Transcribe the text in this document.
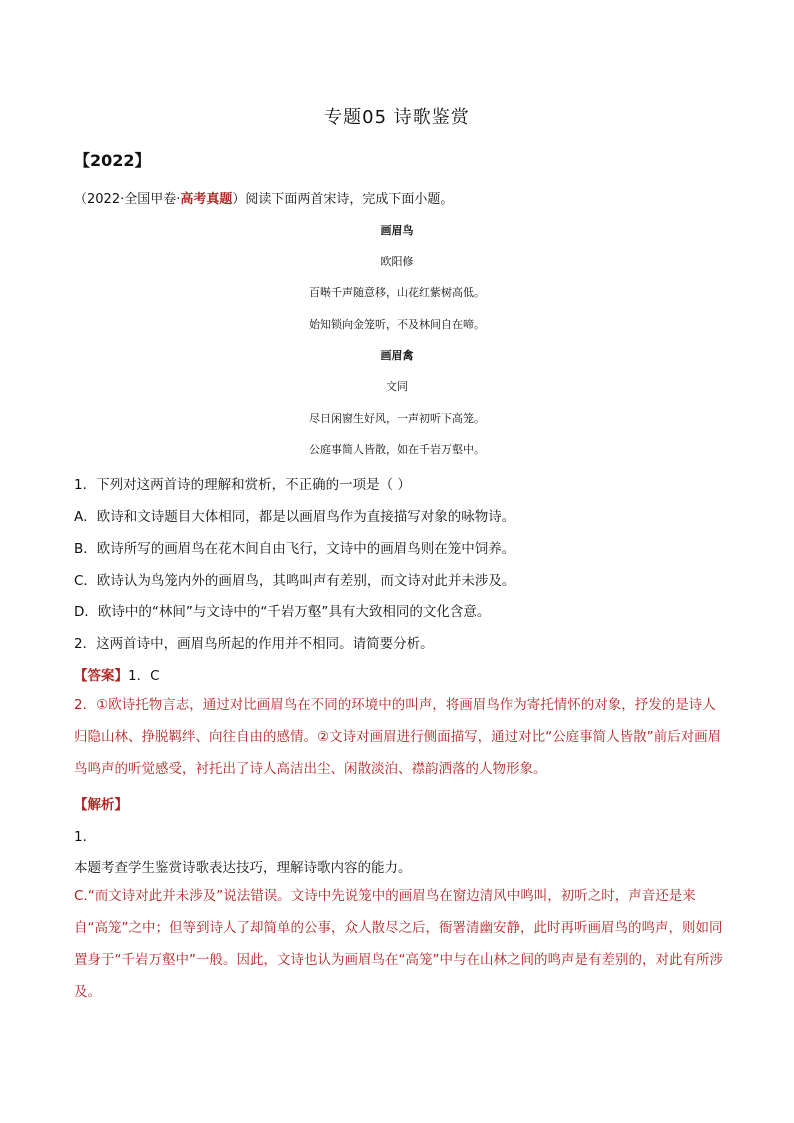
专题05 诗歌鉴赏
【2022】
（2022·全国甲卷·高考真题）阅读下面两首宋诗，完成下面小题。
画眉鸟
欧阳修
百啭千声随意移，山花红紫树高低。
始知锁向金笼听，不及林间自在啼。
画眉禽
文同
尽日闲窗生好风，一声初听下高笼。
公庭事简人皆散，如在千岩万壑中。
1．下列对这两首诗的理解和赏析，不正确的一项是（ ）
A．欧诗和文诗题目大体相同，都是以画眉鸟作为直接描写对象的咏物诗。
B．欧诗所写的画眉鸟在花木间自由飞行，文诗中的画眉鸟则在笼中饲养。
C．欧诗认为鸟笼内外的画眉鸟，其鸣叫声有差别，而文诗对此并未涉及。
D．欧诗中的“林间”与文诗中的“千岩万壑”具有大致相同的文化含意。
2．这两首诗中，画眉鸟所起的作用并不相同。请简要分析。
【答案】1．C
2．①欧诗托物言志，通过对比画眉鸟在不同的环境中的叫声，将画眉鸟作为寄托情怀的对象，抒发的是诗人归隐山林、挣脱羁绊、向往自由的感情。②文诗对画眉进行侧面描写，通过对比“公庭事简人皆散”前后对画眉鸟鸣声的听觉感受，衬托出了诗人高洁出尘、闲散淡泊、襟韵洒落的人物形象。
【解析】
1．
本题考查学生鉴赏诗歌表达技巧，理解诗歌内容的能力。
C.“而文诗对此并未涉及”说法错误。文诗中先说笼中的画眉鸟在窗边清风中鸣叫，初听之时，声音还是来自“高笼”之中；但等到诗人了却简单的公事，众人散尽之后，衙署清幽安静，此时再听画眉鸟的鸣声，则如同置身于“千岩万壑中”一般。因此，文诗也认为画眉鸟在“高笼”中与在山林之间的鸣声是有差别的，对此有所涉及。
